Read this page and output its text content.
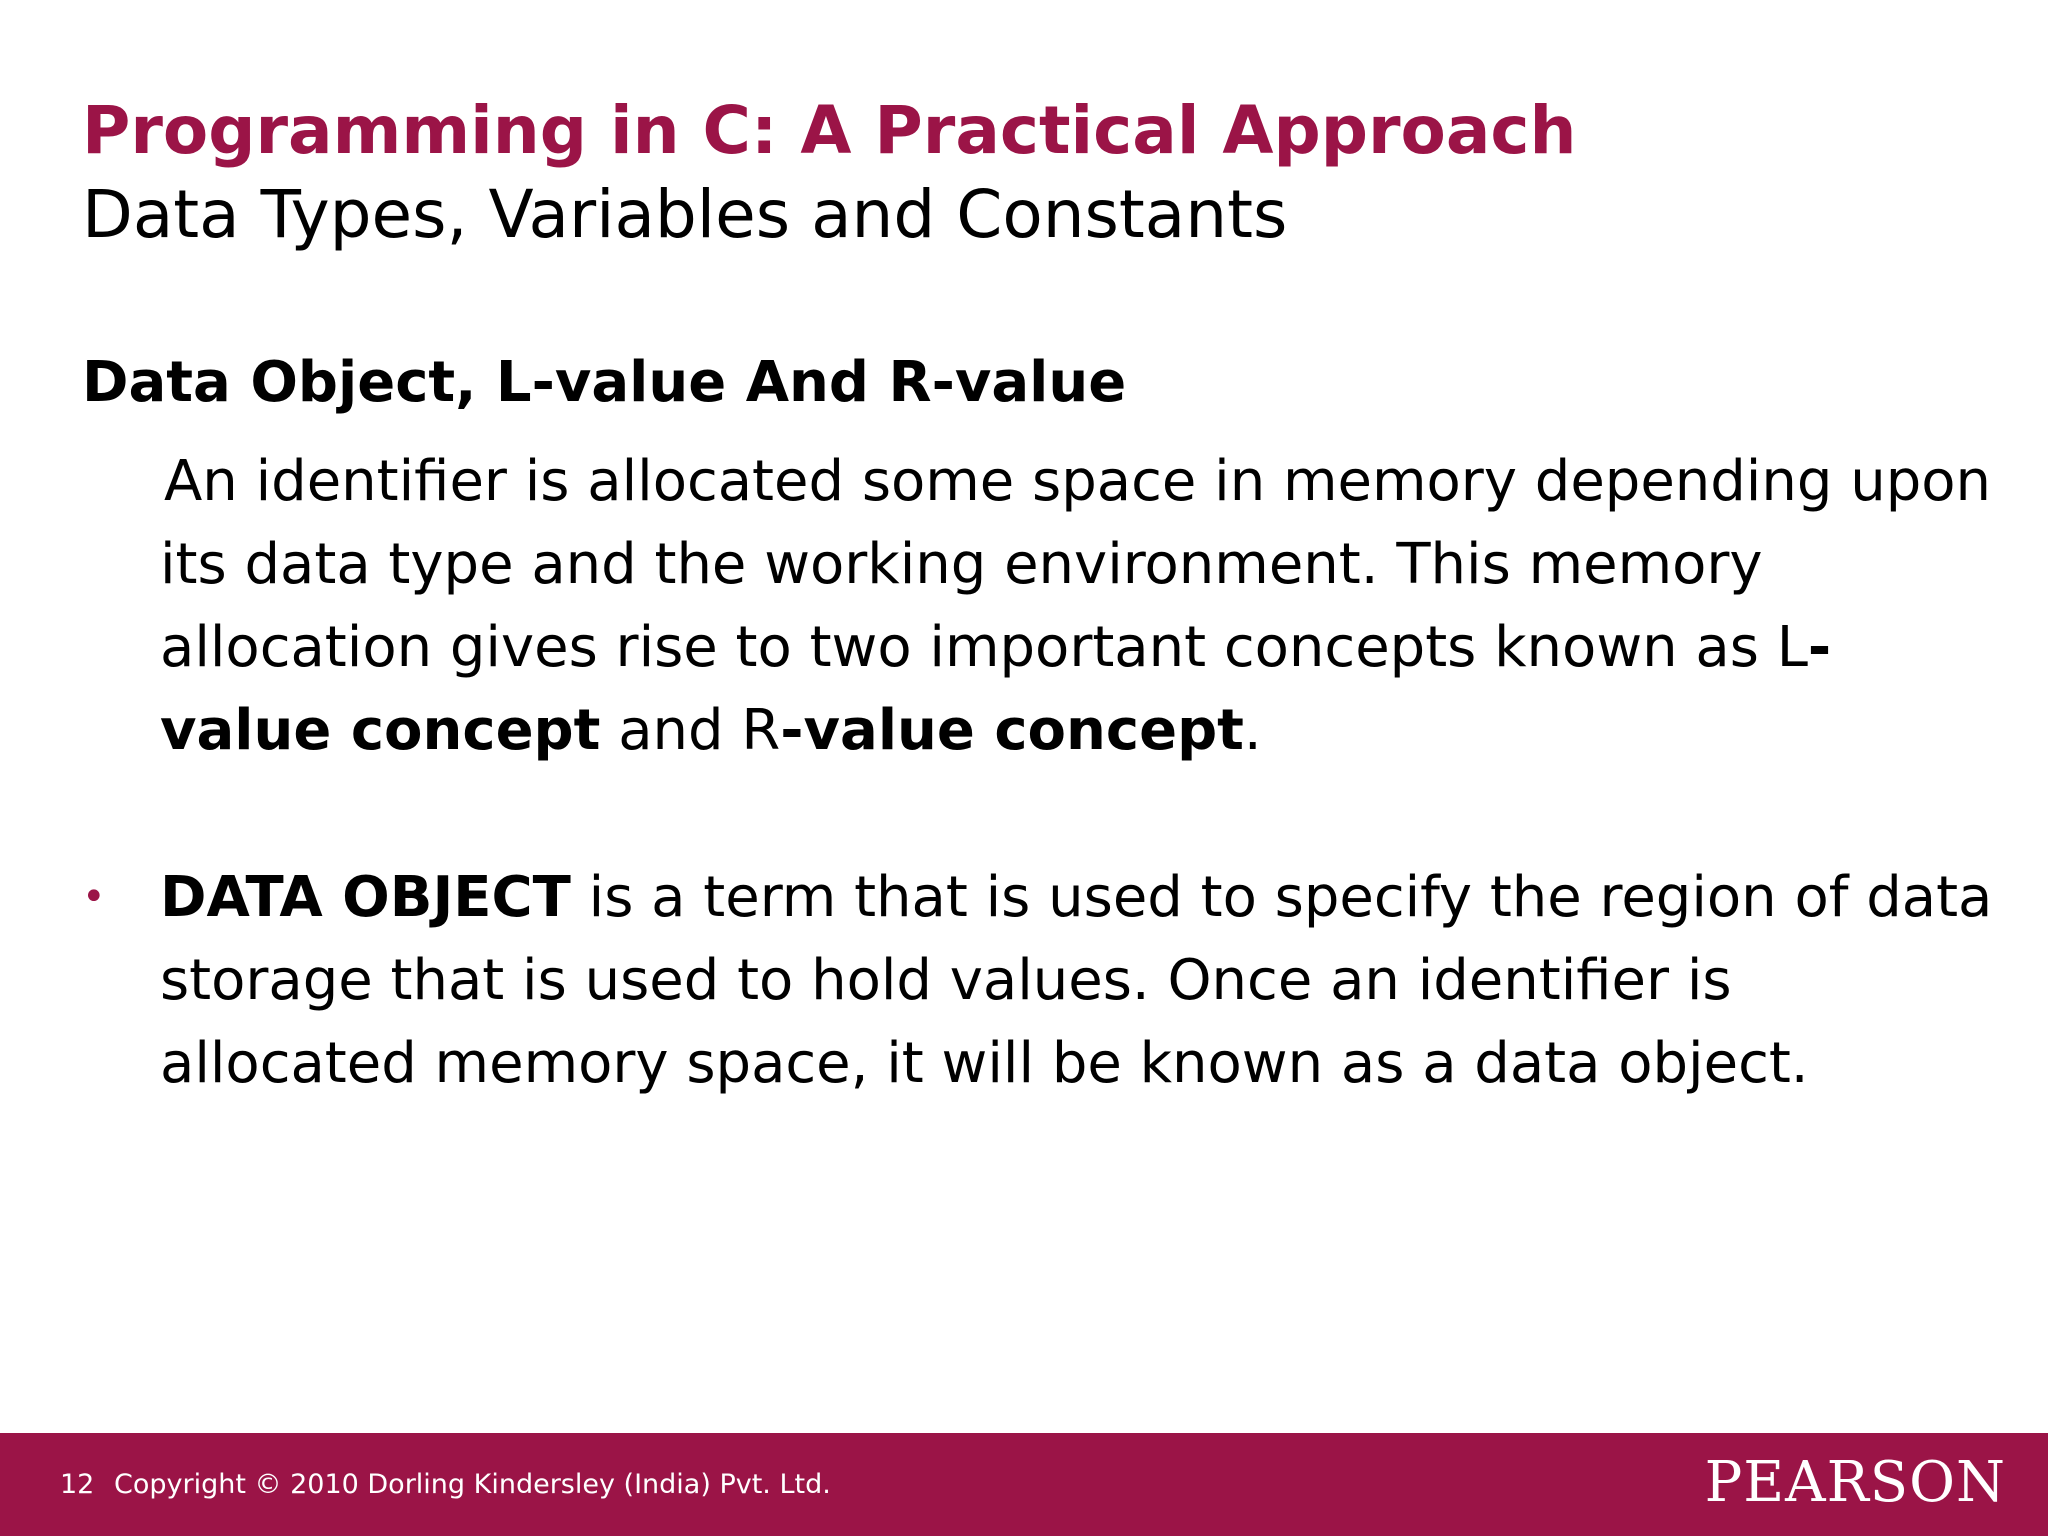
Programming in C: A Practical Approach
Data Types, Variables and Constants
Data Object, L-value And R-value
An identifier is allocated some space in memory depending upon its data type and the working environment. This memory allocation gives rise to two important concepts known as L-value concept and R-value concept.
• DATA OBJECT is a term that is used to specify the region of data storage that is used to hold values. Once an identifier is allocated memory space, it will be known as a data object.
12 Copyright © 2010 Dorling Kindersley (India) Pvt. Ltd.	PEARSON
